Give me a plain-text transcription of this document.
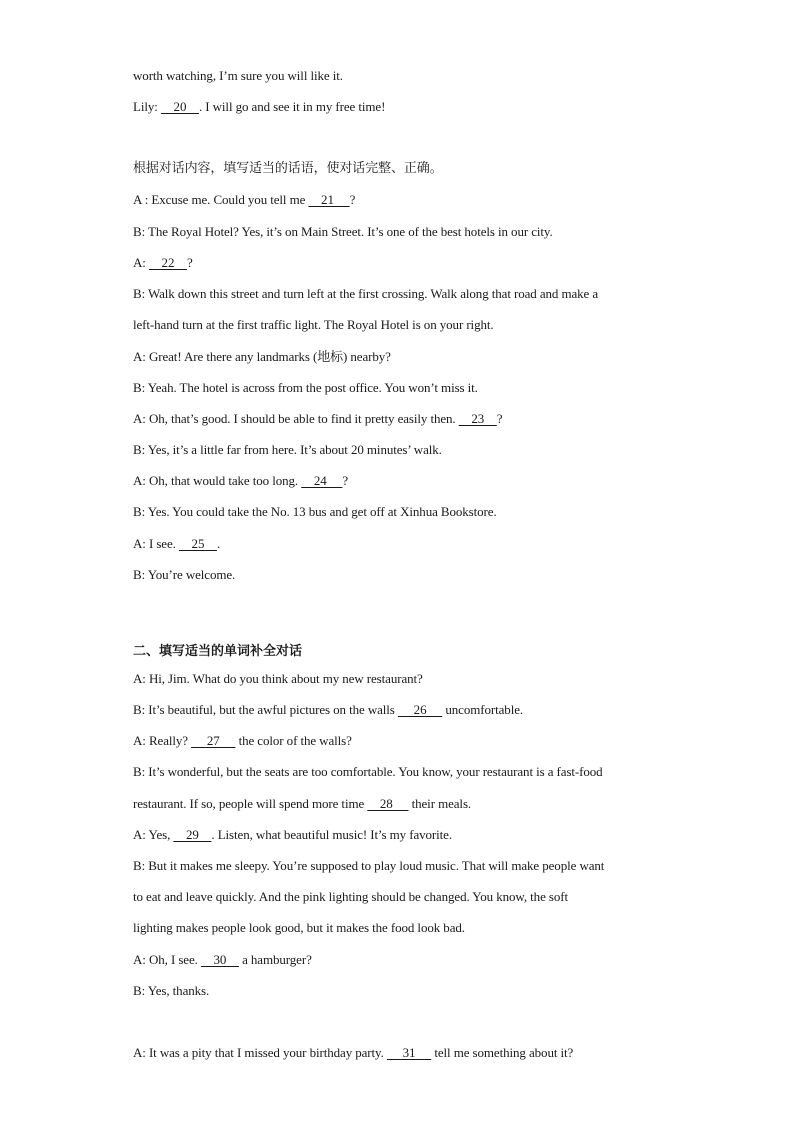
worth watching, I’m sure you will like it.
Lily:     20    . I will go and see it in my free time!
根据对话内容，填写适当的话语，使对话完整、正确。
A : Excuse me. Could you tell me     21     ?
B: The Royal Hotel? Yes, it’s on Main Street. It’s one of the best hotels in our city.
A:     22    ?
B: Walk down this street and turn left at the first crossing. Walk along that road and make a
left-hand turn at the first traffic light. The Royal Hotel is on your right.
A: Great! Are there any landmarks (地标) nearby?
B: Yeah. The hotel is across from the post office. You won’t miss it.
A: Oh, that’s good. I should be able to find it pretty easily then.     23    ?
B: Yes, it’s a little far from here. It’s about 20 minutes’ walk.
A: Oh, that would take too long.     24     ?
B: Yes. You could take the No. 13 bus and get off at Xinhua Bookstore.
A: I see.     25    .
B: You’re welcome.
二、填写适当的单词补全对话
A: Hi, Jim. What do you think about my new restaurant?
B: It’s beautiful, but the awful pictures on the walls      26      uncomfortable.
A: Really?      27      the color of the walls?
B: It’s wonderful, but the seats are too comfortable. You know, your restaurant is a fast-food
restaurant. If so, people will spend more time     28      their meals.
A: Yes,     29    . Listen, what beautiful music! It’s my favorite.
B: But it makes me sleepy. You’re supposed to play loud music. That will make people want
to eat and leave quickly. And the pink lighting should be changed. You know, the soft
lighting makes people look good, but it makes the food look bad.
A: Oh, I see.     30     a hamburger?
B: Yes, thanks.
A: It was a pity that I missed your birthday party.      31      tell me something about it?
